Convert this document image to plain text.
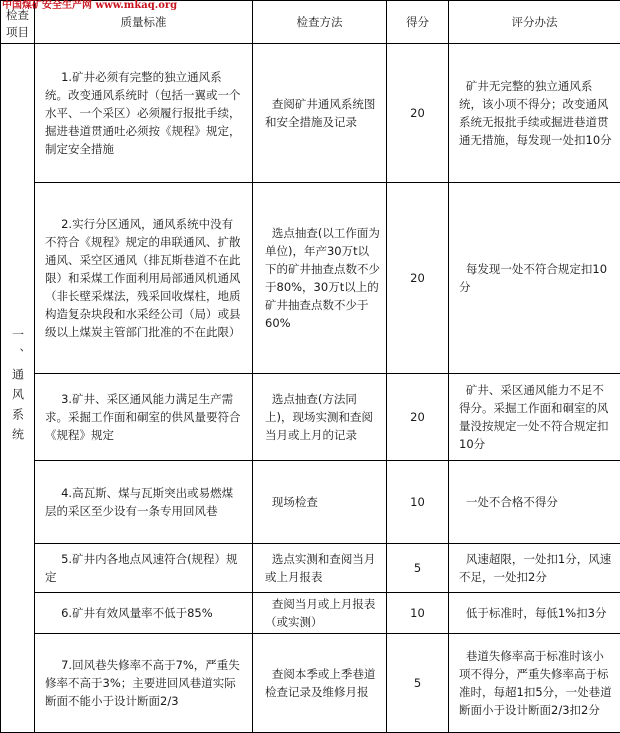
中国煤矿安全生产网 www.mkaq.org
检查项目	质量标准	检查方法	得分	评分办法

一、通风系统	1.矿井必须有完整的独立通风系统。改变通风系统时（包括一翼或一个水平、一个采区）必须履行报批手续，掘进巷道贯通吐必须按《规程》规定，制定安全措施	查阅矿井通风系统图和安全措施及记录	20	矿井无完整的独立通风系统，该小项不得分；改变通风系统无报批手续或掘进巷道贯通无措施，每发现一处扣10分

	2.实行分区通风，通风系统中没有不符合《规程》规定的串联通风、扩散通风、采空区通风（排瓦斯巷道不在此限）和采煤工作面利用局部通风机通风（非长壁采煤法，残采回收煤柱，地质构造复杂块段和水采经公司（局）或县级以上煤炭主管部门批准的不在此限）	选点抽查(以工作面为单位)，年产30万t以下的矿井抽查点数不少于80%，30万t以上的矿井抽查点数不少于60%	20	每发现一处不符合规定扣10分

	3.矿井、采区通风能力满足生产需求。采掘工作面和硐室的供风量要符合《规程》规定	选点抽查(方法同上)，现场实测和查阅当月或上月的记录	20	矿井、采区通风能力不足不得分。采掘工作面和硐室的风量没按规定一处不符合规定扣10分

	4.高瓦斯、煤与瓦斯突出或易燃煤层的采区至少设有一条专用回风巷	现场检查	10	一处不合格不得分

	5.矿井内各地点风速符合(规程）规定	选点实测和查阅当月或上月报表	5	风速超限，一处扣1分，风速不足，一处扣2分

	6.矿井有效风量率不低于85%	查阅当月或上月报表（或实测）	10	低于标准时，每低1%扣3分

	7.回风巷失修率不高于7%，严重失修率不高于3%；主要进回风巷道实际断面不能小于设计断面2/3	查阅本季或上季巷道检查记录及维修月报	5	巷道失修率高于标准时该小项不得分，严重失修率高于标准时，每超1扣5分，一处巷道断面小于设计断面2/3扣2分
